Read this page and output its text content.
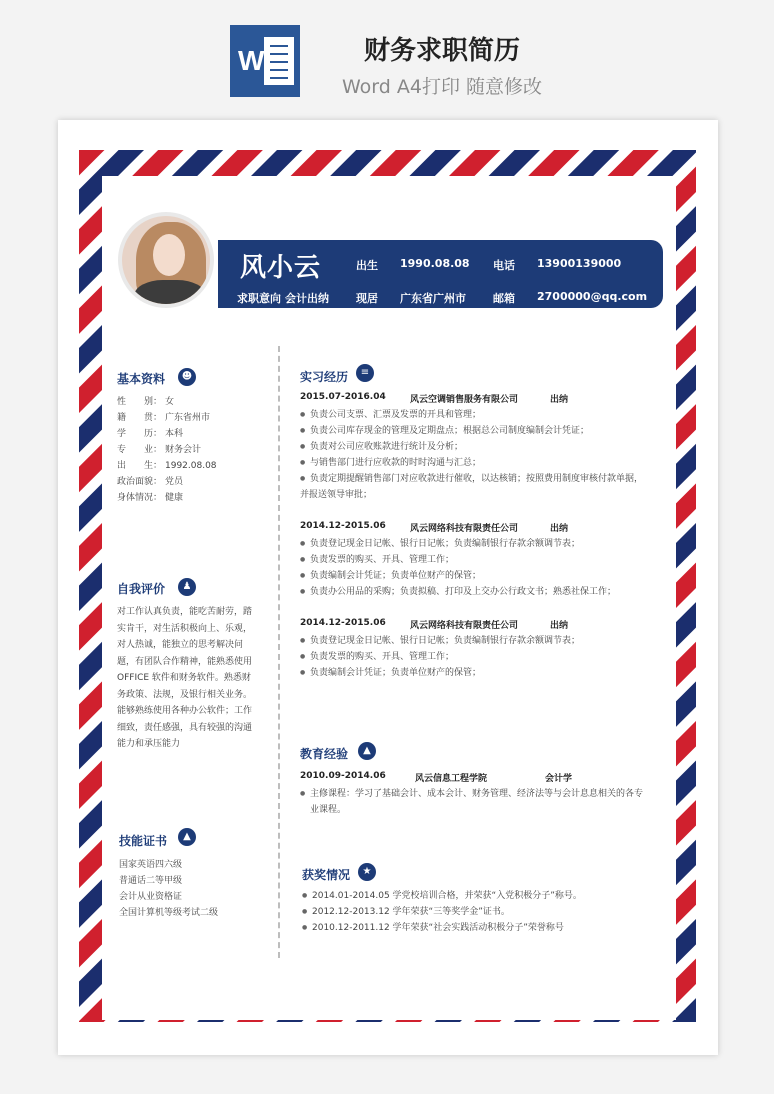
W	财务求职简历
Word A4打印 随意修改
风小云
求职意向 会计出纳
出生 1990.08.08
现居 广东省广州市
电话 13900139000
邮箱 2700000@qq.com
基本资料	☻
性　　别： 女
籍　　贯： 广东省州市
学　　历： 本科
专　　业： 财务会计
出　　生： 1992.08.08
政治面貌： 党员
身体情况： 健康
自我评价	♟
对工作认真负责，能吃苦耐劳，踏
实肯干，对生活积极向上、乐观，
对人热诚，能独立的思考解决问
题，有团队合作精神，能熟悉使用
OFFICE 软件和财务软件。熟悉财
务政策、法规，及银行相关业务。
能够熟练使用各种办公软件；工作
细致，责任感强，具有较强的沟通
能力和承压能力
技能证书	▲
国家英语四六级
普通话二等甲级
会计从业资格证
全国计算机等级考试二级
实习经历	≡
2015.07-2016.04	风云空调销售服务有限公司	出纳
● 负责公司支票、汇票及发票的开具和管理；
● 负责公司库存现金的管理及定期盘点；根据总公司制度编制会计凭证；
● 负责对公司应收账款进行统计及分析；
● 与销售部门进行应收款的时时沟通与汇总；
● 负责定期提醒销售部门对应收款进行催收，以达核销；按照费用制度审核付款单据，
并报送领导审批；
2014.12-2015.06	风云网络科技有限责任公司	出纳
● 负责登记现金日记帐、银行日记帐；负责编制银行存款余额调节表；
● 负责发票的购买、开具、管理工作；
● 负责编制会计凭证；负责单位财产的保管；
● 负责办公用品的采购；负责拟稿、打印及上交办公行政文书；熟悉社保工作；
2014.12-2015.06	风云网络科技有限责任公司	出纳
● 负责登记现金日记帐、银行日记帐；负责编制银行存款余额调节表；
● 负责发票的购买、开具、管理工作；
● 负责编制会计凭证；负责单位财产的保管；
教育经验	▲
2010.09-2014.06	风云信息工程学院	会计学
● 主修课程：学习了基础会计、成本会计、财务管理、经济法等与会计息息相关的各专
业课程。
获奖情况	★
● 2014.01-2014.05 学党校培训合格，并荣获“入党积极分子”称号。
● 2012.12-2013.12 学年荣获“三等奖学金”证书。
● 2010.12-2011.12 学年荣获“社会实践活动积极分子”荣誉称号
